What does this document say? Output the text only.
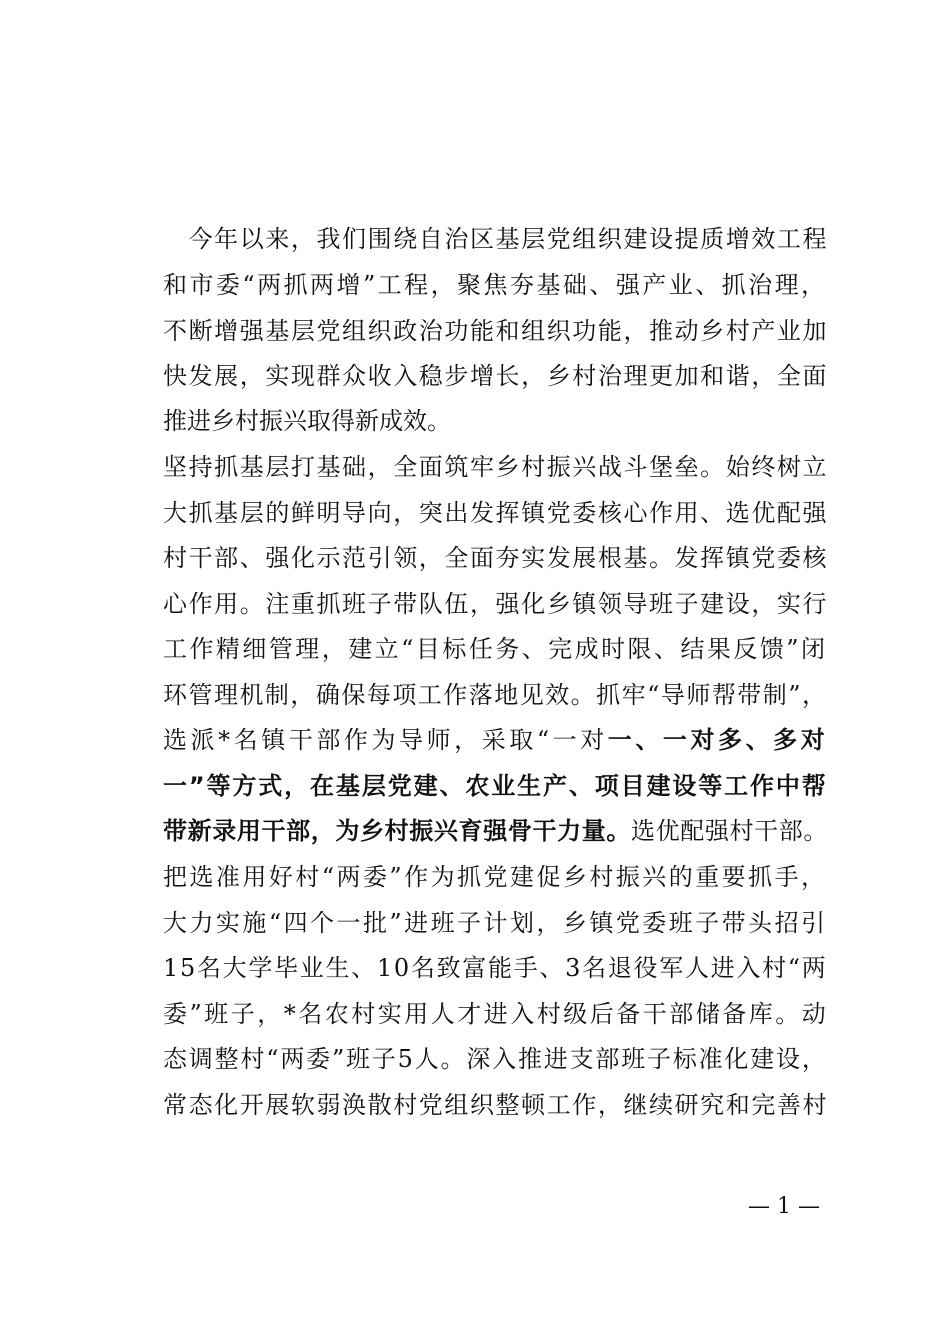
　今年以来，我们围绕自治区基层党组织建设提质增效工程
和市委“两抓两增”工程，聚焦夯基础、强产业、抓治理，
不断增强基层党组织政治功能和组织功能，推动乡村产业加
快发展，实现群众收入稳步增长，乡村治理更加和谐，全面
推进乡村振兴取得新成效。
坚持抓基层打基础，全面筑牢乡村振兴战斗堡垒。始终树立
大抓基层的鲜明导向，突出发挥镇党委核心作用、选优配强
村干部、强化示范引领，全面夯实发展根基。发挥镇党委核
心作用。注重抓班子带队伍，强化乡镇领导班子建设，实行
工作精细管理，建立“目标任务、完成时限、结果反馈”闭
环管理机制，确保每项工作落地见效。抓牢“导师帮带制”，
选派*名镇干部作为导师，采取“一对一、一对多、多对
一”等方式，在基层党建、农业生产、项目建设等工作中帮
带新录用干部，为乡村振兴育强骨干力量。选优配强村干部。
把选准用好村“两委”作为抓党建促乡村振兴的重要抓手，
大力实施“四个一批”进班子计划，乡镇党委班子带头招引
15名大学毕业生、10名致富能手、3名退役军人进入村“两
委”班子，*名农村实用人才进入村级后备干部储备库。动
态调整村“两委”班子5人。深入推进支部班子标准化建设，
常态化开展软弱涣散村党组织整顿工作，继续研究和完善村
— 1 —
